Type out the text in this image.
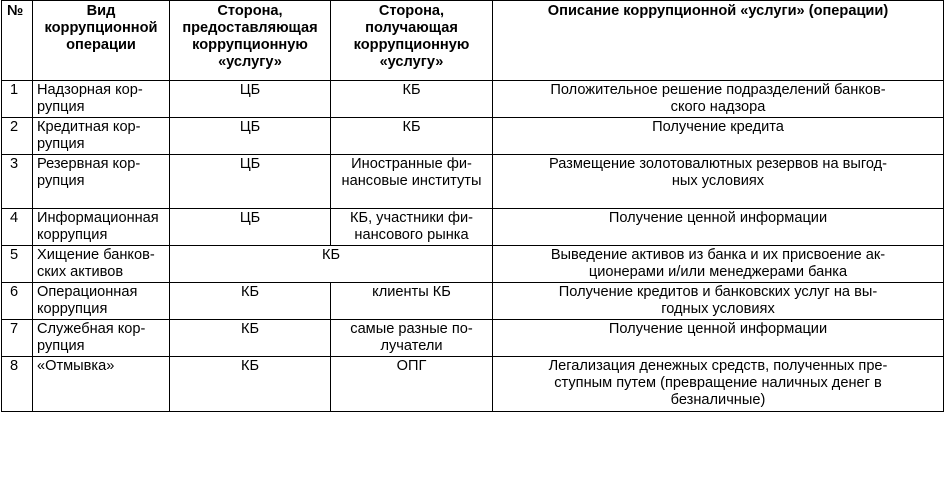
№	Вид
коррупционной
операции	Сторона,
предоставляющая
коррупционную
«услугу»	Сторона,
получающая
коррупционную
«услугу»	Описание коррупционной «услуги» (операции)
1	Надзорная кор-
рупция	ЦБ	КБ	Положительное решение подразделений банков-
ского надзора
2	Кредитная кор-
рупция	ЦБ	КБ	Получение кредита
3	Резервная кор-
рупция	ЦБ	Иностранные фи-
нансовые институты	Размещение золотовалютных резервов на выгод-
ных условиях
4	Информационная
коррупция	ЦБ	КБ, участники фи-
нансового рынка	Получение ценной информации
5	Хищение банков-
ских активов	КБ		Выведение активов из банка и их присвоение ак-
ционерами и/или менеджерами банка
6	Операционная
коррупция	КБ	клиенты КБ	Получение кредитов и банковских услуг на вы-
годных условиях
7	Служебная кор-
рупция	КБ	самые разные по-
лучатели	Получение ценной информации
8	«Отмывка»	КБ	ОПГ	Легализация денежных средств, полученных пре-
ступным путем (превращение наличных денег в
безналичные)
